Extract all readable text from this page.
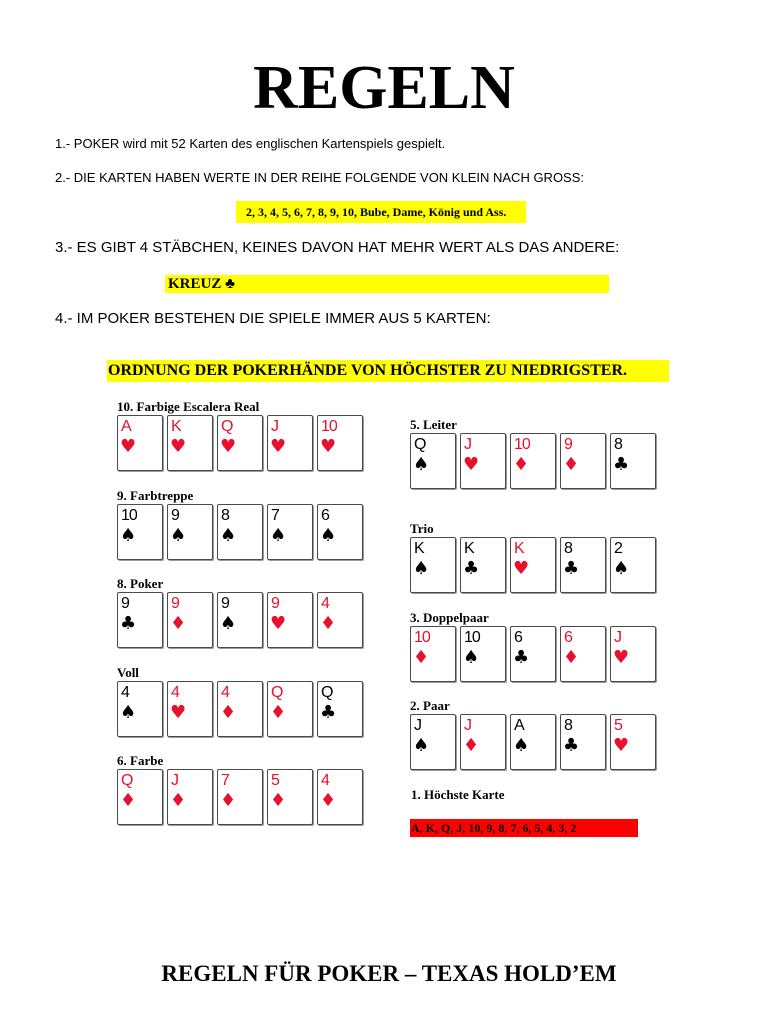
REGELN
1.- POKER wird mit 52 Karten des englischen Kartenspiels gespielt.
2.- DIE KARTEN HABEN WERTE IN DER REIHE FOLGENDE VON KLEIN NACH GROSS:
2, 3, 4, 5, 6, 7, 8, 9, 10, Bube, Dame, König und Ass.
3.- ES GIBT 4 STÄBCHEN, KEINES DAVON HAT MEHR WERT ALS DAS ANDERE:
KREUZ ♣
4.- IM POKER BESTEHEN DIE SPIELE IMMER AUS 5 KARTEN:
ORDNUNG DER POKERHÄNDE VON HÖCHSTER ZU NIEDRIGSTER.
10. Farbige Escalera Real
A
♥
K
♥
Q
♥
J
♥
10
♥
9. Farbtreppe
10
♠
9
♠
8
♠
7
♠
6
♠
8. Poker
9
♣
9
♦
9
♠
9
♥
4
♦
Voll
4
♠
4
♥
4
♦
Q
♦
Q
♣
6. Farbe
Q
♦
J
♦
7
♦
5
♦
4
♦
5. Leiter
Q
♠
J
♥
10
♦
9
♦
8
♣
Trio
K
♠
K
♣
K
♥
8
♣
2
♠
3. Doppelpaar
10
♦
10
♠
6
♣
6
♦
J
♥
2. Paar
J
♠
J
♦
A
♠
8
♣
5
♥
1. Höchste Karte
A, K, Q, J, 10, 9, 8, 7, 6, 5, 4, 3, 2
REGELN FÜR POKER – TEXAS HOLD’EM
